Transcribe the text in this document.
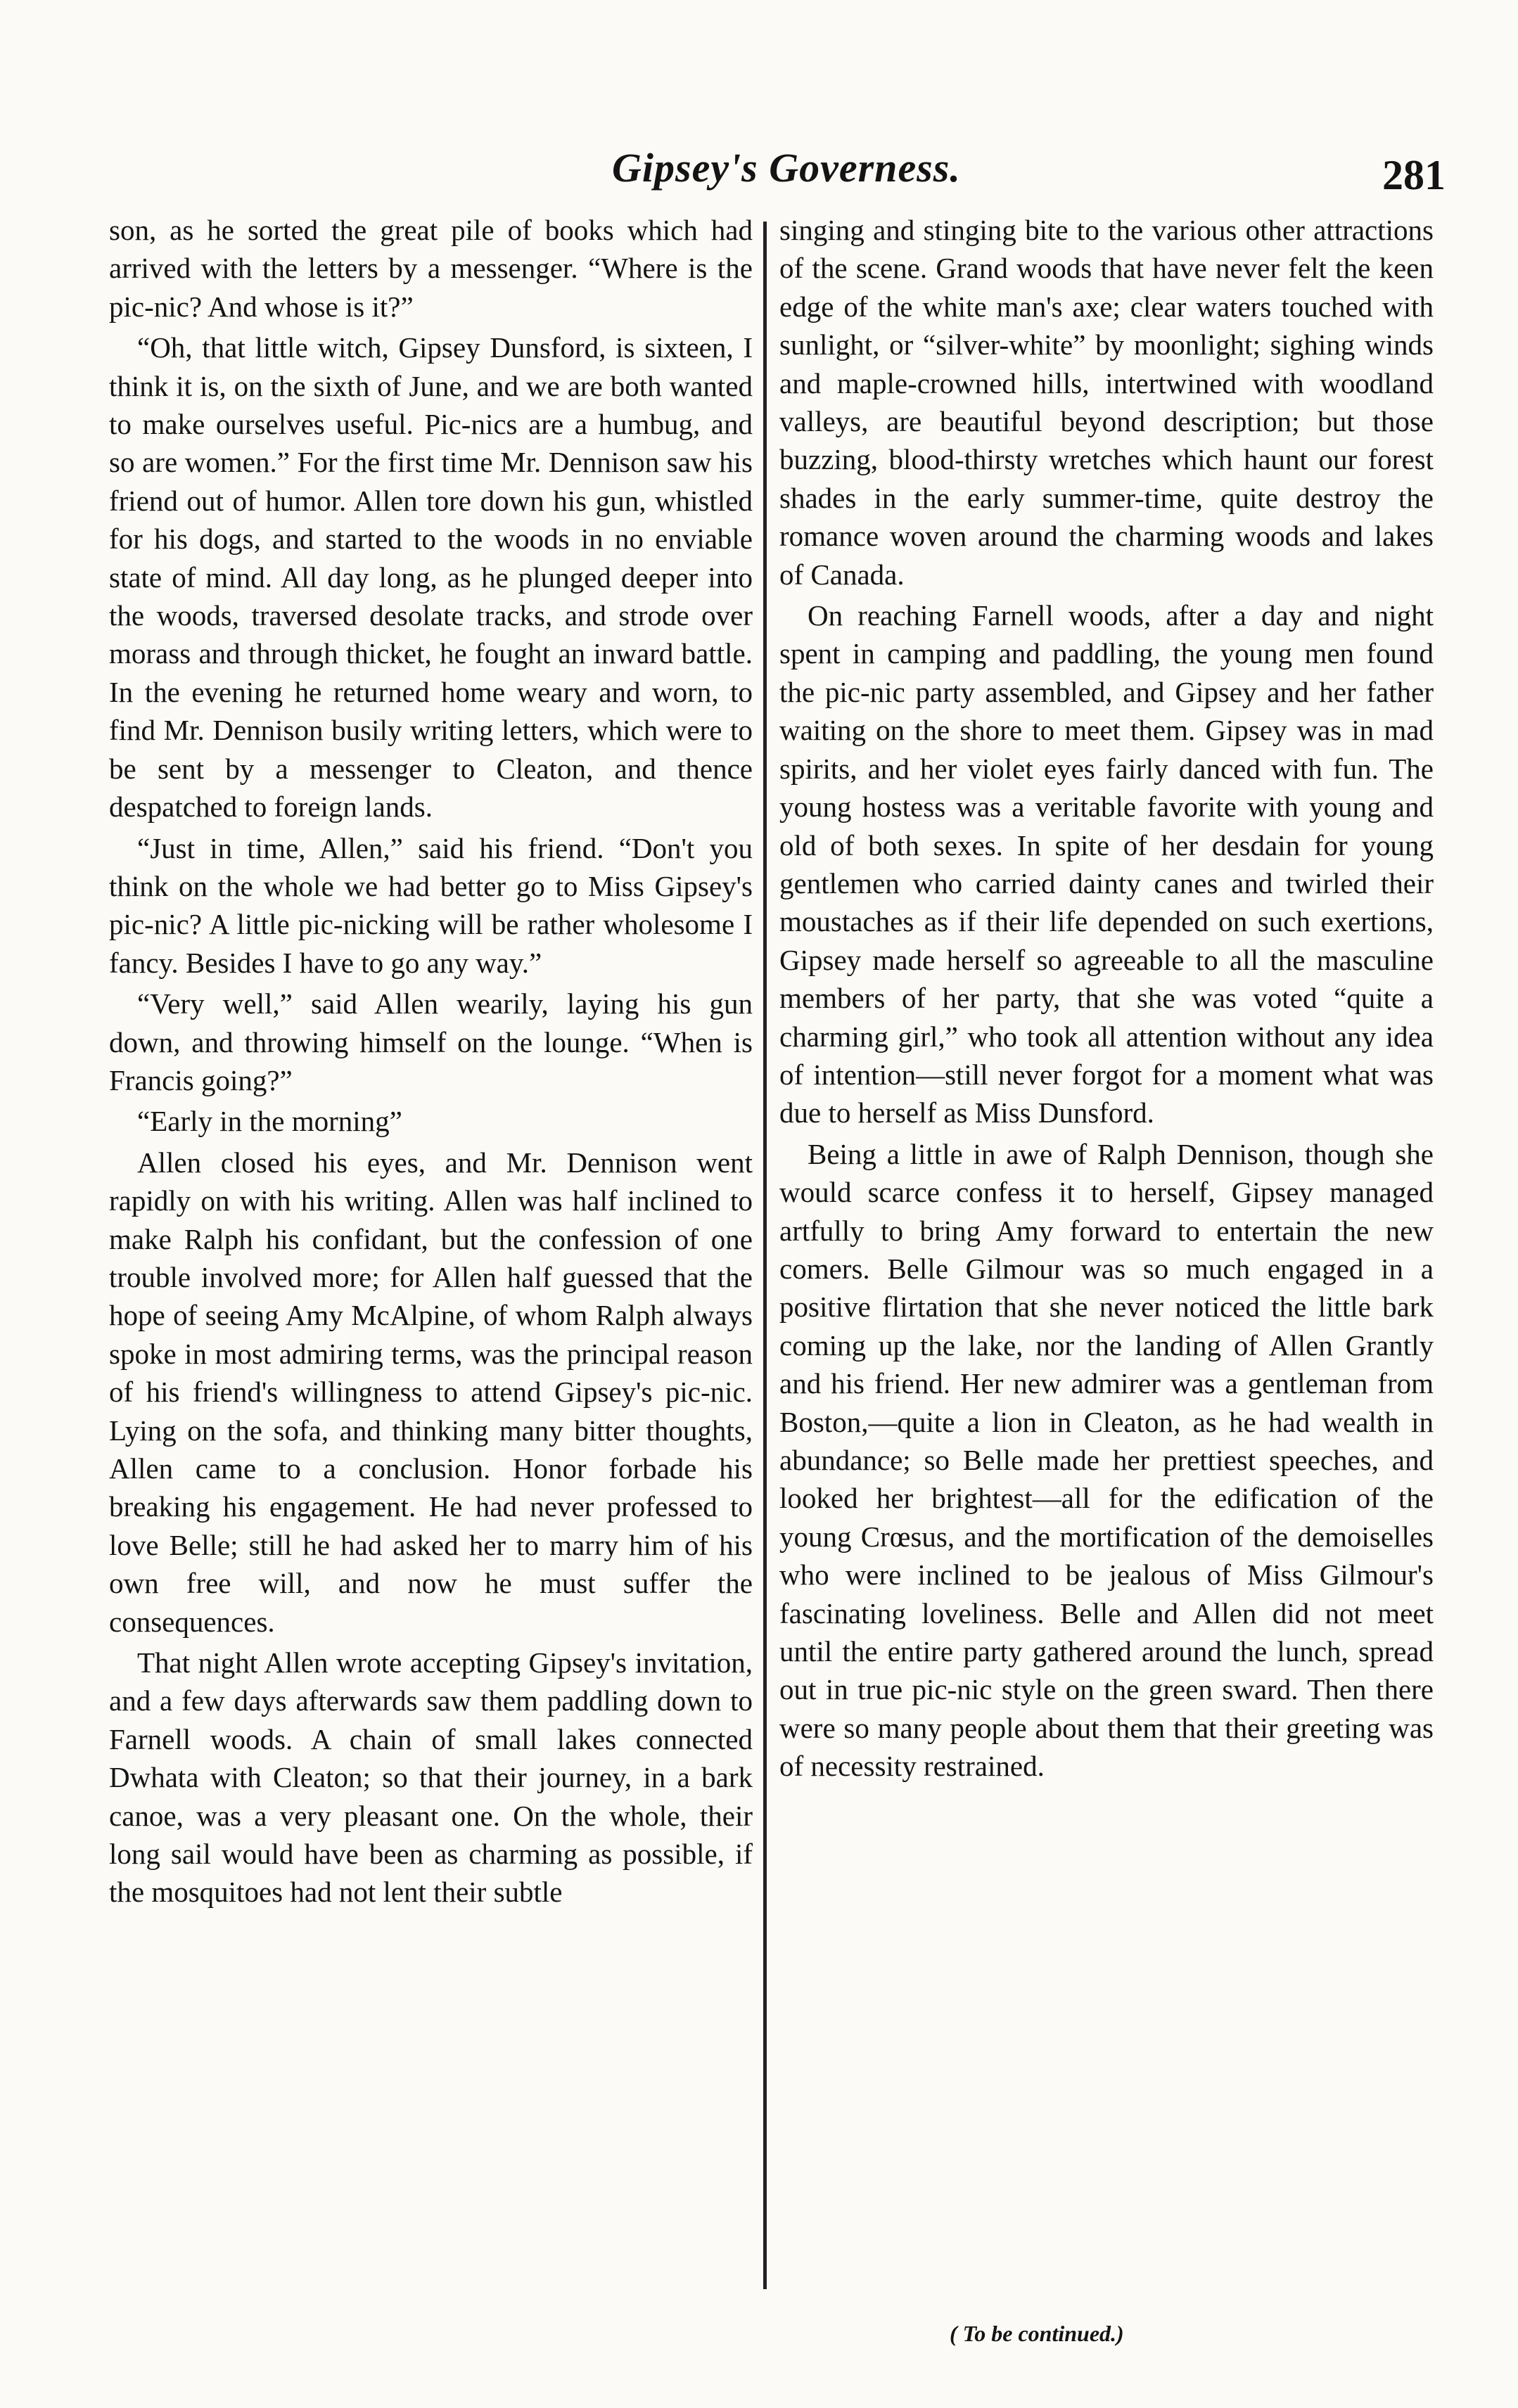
Gipsey's Governess.	281

son, as he sorted the great pile of books which had arrived with the letters by a messenger. “Where is the pic-nic? And whose is it?”

“Oh, that little witch, Gipsey Dunsford, is sixteen, I think it is, on the sixth of June, and we are both wanted to make ourselves useful. Pic-nics are a humbug, and so are women.” For the first time Mr. Dennison saw his friend out of humor. Allen tore down his gun, whistled for his dogs, and started to the woods in no enviable state of mind. All day long, as he plunged deeper into the woods, traversed desolate tracks, and strode over morass and through thicket, he fought an inward battle. In the evening he returned home weary and worn, to find Mr. Dennison busily writing letters, which were to be sent by a messenger to Cleaton, and thence despatched to foreign lands.

“Just in time, Allen,” said his friend. “Don't you think on the whole we had better go to Miss Gipsey's pic-nic? A little pic-nicking will be rather wholesome I fancy. Besides I have to go any way.”

“Very well,” said Allen wearily, laying his gun down, and throwing himself on the lounge. “When is Francis going?”

“Early in the morning”

Allen closed his eyes, and Mr. Dennison went rapidly on with his writing. Allen was half inclined to make Ralph his confidant, but the confession of one trouble involved more; for Allen half guessed that the hope of seeing Amy McAlpine, of whom Ralph always spoke in most admiring terms, was the principal reason of his friend's willingness to attend Gipsey's pic-nic. Lying on the sofa, and thinking many bitter thoughts, Allen came to a conclusion. Honor forbade his breaking his engagement. He had never professed to love Belle; still he had asked her to marry him of his own free will, and now he must suffer the consequences.

That night Allen wrote accepting Gipsey's invitation, and a few days afterwards saw them paddling down to Farnell woods. A chain of small lakes connected Dwhata with Cleaton; so that their journey, in a bark canoe, was a very pleasant one. On the whole, their long sail would have been as charming as possible, if the mosquitoes had not lent their subtle

singing and stinging bite to the various other attractions of the scene. Grand woods that have never felt the keen edge of the white man's axe; clear waters touched with sunlight, or “silver-white” by moonlight; sighing winds and maple-crowned hills, intertwined with woodland valleys, are beautiful beyond description; but those buzzing, blood-thirsty wretches which haunt our forest shades in the early summer-time, quite destroy the romance woven around the charming woods and lakes of Canada.

On reaching Farnell woods, after a day and night spent in camping and paddling, the young men found the pic-nic party assembled, and Gipsey and her father waiting on the shore to meet them. Gipsey was in mad spirits, and her violet eyes fairly danced with fun. The young hostess was a veritable favorite with young and old of both sexes. In spite of her desdain for young gentlemen who carried dainty canes and twirled their moustaches as if their life depended on such exertions, Gipsey made herself so agreeable to all the masculine members of her party, that she was voted “quite a charming girl,” who took all attention without any idea of intention—still never forgot for a moment what was due to herself as Miss Dunsford.

Being a little in awe of Ralph Dennison, though she would scarce confess it to herself, Gipsey managed artfully to bring Amy forward to entertain the new comers. Belle Gilmour was so much engaged in a positive flirtation that she never noticed the little bark coming up the lake, nor the landing of Allen Grantly and his friend. Her new admirer was a gentleman from Boston,—quite a lion in Cleaton, as he had wealth in abundance; so Belle made her prettiest speeches, and looked her brightest—all for the edification of the young Crœsus, and the mortification of the demoiselles who were inclined to be jealous of Miss Gilmour's fascinating loveliness. Belle and Allen did not meet until the entire party gathered around the lunch, spread out in true pic-nic style on the green sward. Then there were so many people about them that their greeting was of necessity restrained.

( To be continued.)
